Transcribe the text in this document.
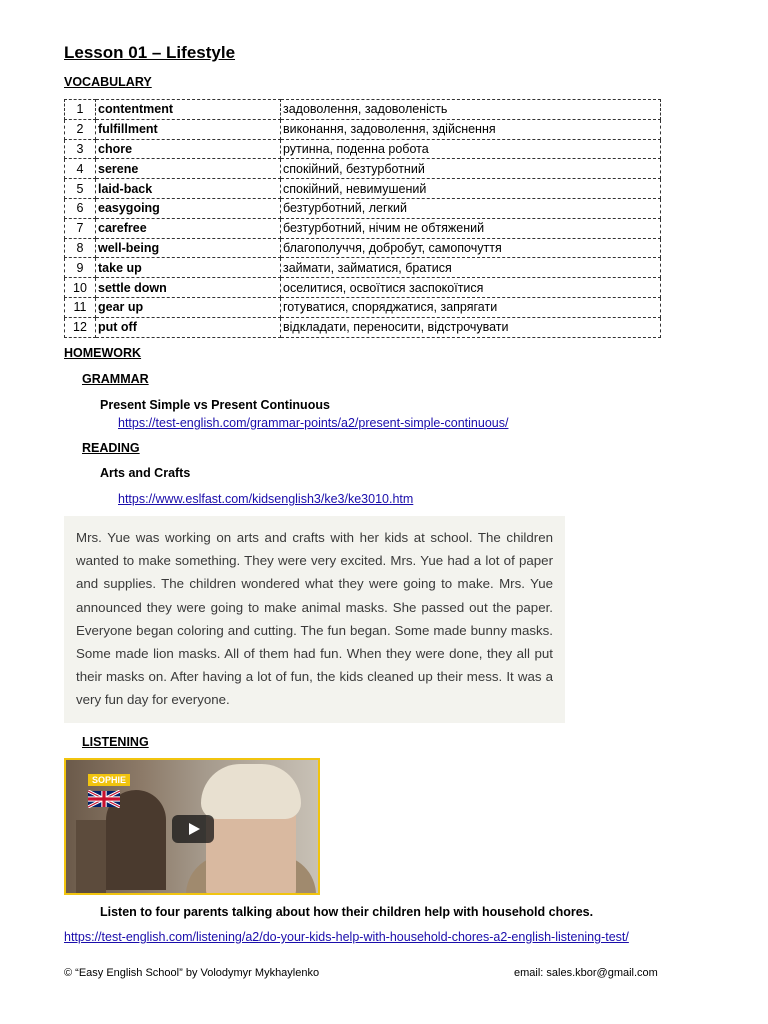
Lesson 01 – Lifestyle
VOCABULARY
1	contentment	задоволення, задоволеність
2	fulfillment	виконання, задоволення, здійснення
3	chore	рутинна, поденна робота
4	serene	спокійний, безтурботний
5	laid-back	спокійний, невимушений
6	easygoing	безтурботний, легкий
7	carefree	безтурботний, нічим не обтяжений
8	well-being	благополуччя, добробут, самопочуття
9	take up	займати, займатися, братися
10	settle down	оселитися, освоїтися заспокоїтися
11	gear up	готуватися, споряджатися, запрягати
12	put off	відкладати, переносити, відстрочувати
HOMEWORK
GRAMMAR
Present Simple vs Present Continuous
https://test-english.com/grammar-points/a2/present-simple-continuous/
READING
Arts and Crafts
https://www.eslfast.com/kidsenglish3/ke3/ke3010.htm

Mrs. Yue was working on arts and crafts with her kids at school. The children wanted to make something. They were very excited. Mrs. Yue had a lot of paper and supplies. The children wondered what they were going to make. Mrs. Yue announced they were going to make animal masks. She passed out the paper. Everyone began coloring and cutting. The fun began. Some made bunny masks. Some made lion masks. All of them had fun. When they were done, they all put their masks on. After having a lot of fun, the kids cleaned up their mess. It was a very fun day for everyone.

LISTENING
SOPHIE
Listen to four parents talking about how their children help with household chores.
https://test-english.com/listening/a2/do-your-kids-help-with-household-chores-a2-english-listening-test/
© “Easy English School” by Volodymyr Mykhaylenko	email: sales.kbor@gmail.com
